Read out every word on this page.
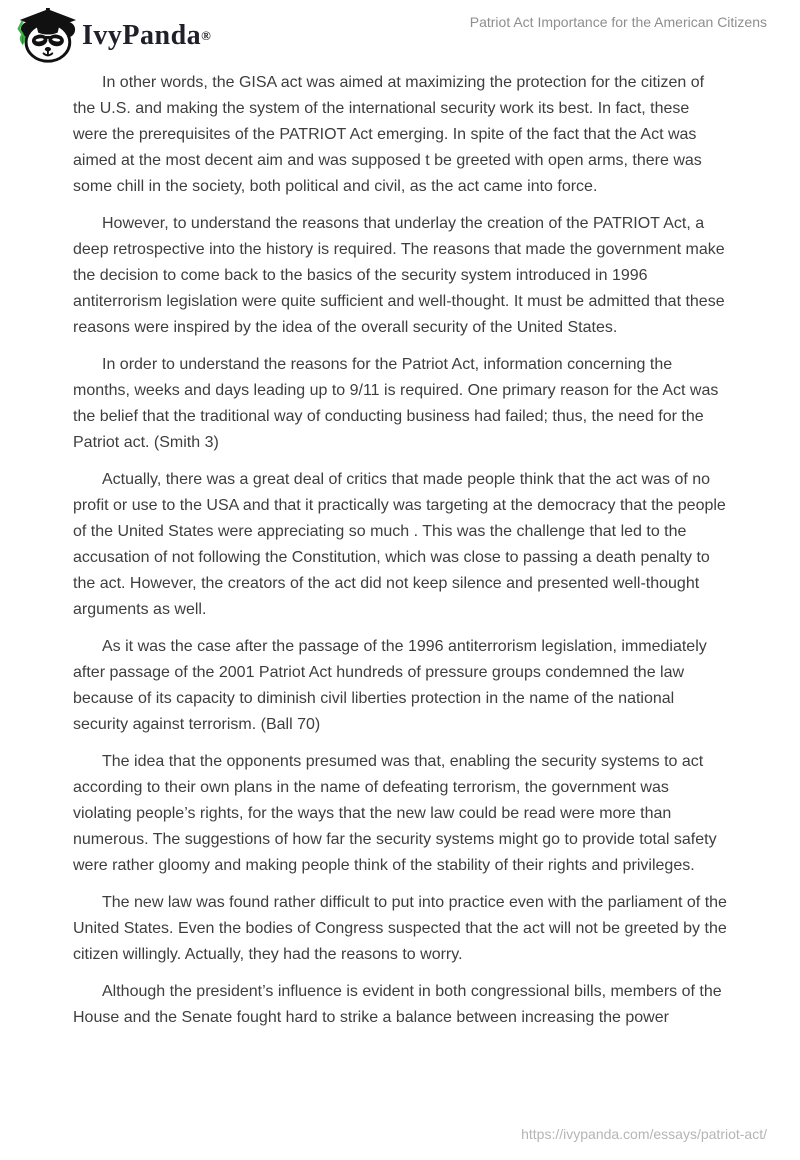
IvyPanda ®
Patriot Act Importance for the American Citizens

In other words, the GISA act was aimed at maximizing the protection for the citizen of the U.S. and making the system of the international security work its best. In fact, these were the prerequisites of the PATRIOT Act emerging. In spite of the fact that the Act was aimed at the most decent aim and was supposed t be greeted with open arms, there was some chill in the society, both political and civil, as the act came into force.

However, to understand the reasons that underlay the creation of the PATRIOT Act, a deep retrospective into the history is required. The reasons that made the government make the decision to come back to the basics of the security system introduced in 1996 antiterrorism legislation were quite sufficient and well-thought. It must be admitted that these reasons were inspired by the idea of the overall security of the United States.

In order to understand the reasons for the Patriot Act, information concerning the months, weeks and days leading up to 9/11 is required. One primary reason for the Act was the belief that the traditional way of conducting business had failed; thus, the need for the Patriot act. (Smith 3)

Actually, there was a great deal of critics that made people think that the act was of no profit or use to the USA and that it practically was targeting at the democracy that the people of the United States were appreciating so much . This was the challenge that led to the accusation of not following the Constitution, which was close to passing a death penalty to the act. However, the creators of the act did not keep silence and presented well-thought arguments as well.

As it was the case after the passage of the 1996 antiterrorism legislation, immediately after passage of the 2001 Patriot Act hundreds of pressure groups condemned the law because of its capacity to diminish civil liberties protection in the name of the national security against terrorism. (Ball 70)

The idea that the opponents presumed was that, enabling the security systems to act according to their own plans in the name of defeating terrorism, the government was violating people’s rights, for the ways that the new law could be read were more than numerous. The suggestions of how far the security systems might go to provide total safety were rather gloomy and making people think of the stability of their rights and privileges.

The new law was found rather difficult to put into practice even with the parliament of the United States. Even the bodies of Congress suspected that the act will not be greeted by the citizen willingly. Actually, they had the reasons to worry.

Although the president’s influence is evident in both congressional bills, members of the House and the Senate fought hard to strike a balance between increasing the power

https://ivypanda.com/essays/patriot-act/
